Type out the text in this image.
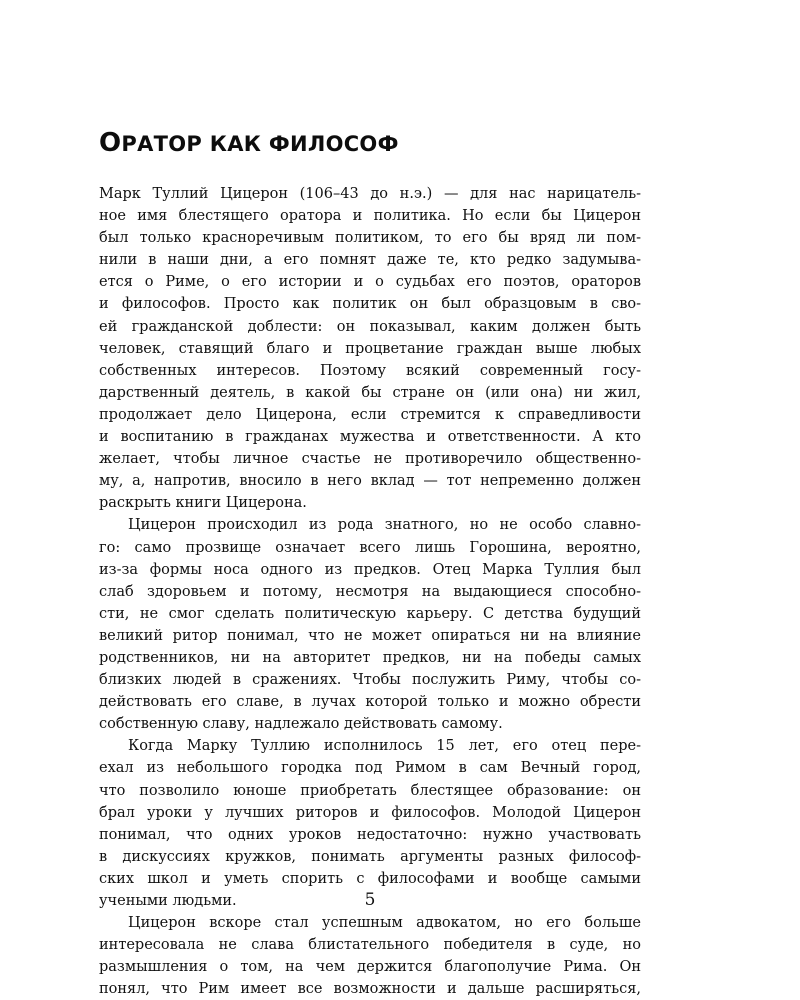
ОРАТОР КАК ФИЛОСОФ

Марк Туллий Цицерон (106–43 до н.э.) — для нас нарицатель-
ное имя блестящего оратора и политика. Но если бы Цицерон
был только красноречивым политиком, то его бы вряд ли пом-
нили в наши дни, а его помнят даже те, кто редко задумыва-
ется о Риме, о его истории и о судьбах его поэтов, ораторов
и философов. Просто как политик он был образцовым в сво-
ей гражданской доблести: он показывал, каким должен быть
человек, ставящий благо и процветание граждан выше любых
собственных интересов. Поэтому всякий современный госу-
дарственный деятель, в какой бы стране он (или она) ни жил,
продолжает дело Цицерона, если стремится к справедливости
и воспитанию в гражданах мужества и ответственности. А кто
желает, чтобы личное счастье не противоречило общественно-
му, а, напротив, вносило в него вклад — тот непременно должен
раскрыть книги Цицерона.

Цицерон происходил из рода знатного, но не особо славно-
го: само прозвище означает всего лишь Горошина, вероятно,
из-за формы носа одного из предков. Отец Марка Туллия был
слаб здоровьем и потому, несмотря на выдающиеся способно-
сти, не смог сделать политическую карьеру. С детства будущий
великий ритор понимал, что не может опираться ни на влияние
родственников, ни на авторитет предков, ни на победы самых
близких людей в сражениях. Чтобы послужить Риму, чтобы со-
действовать его славе, в лучах которой только и можно обрести
собственную славу, надлежало действовать самому.

Когда Марку Туллию исполнилось 15 лет, его отец пере-
ехал из небольшого городка под Римом в сам Вечный город,
что позволило юноше приобретать блестящее образование: он
брал уроки у лучших риторов и философов. Молодой Цицерон
понимал, что одних уроков недостаточно: нужно участвовать
в дискуссиях кружков, понимать аргументы разных философ-
ских школ и уметь спорить с философами и вообще самыми
учеными людьми.

Цицерон вскоре стал успешным адвокатом, но его больше
интересовала не слава блистательного победителя в суде, но
размышления о том, на чем держится благополучие Рима. Он
понял, что Рим имеет все возможности и дальше расширяться,

5
